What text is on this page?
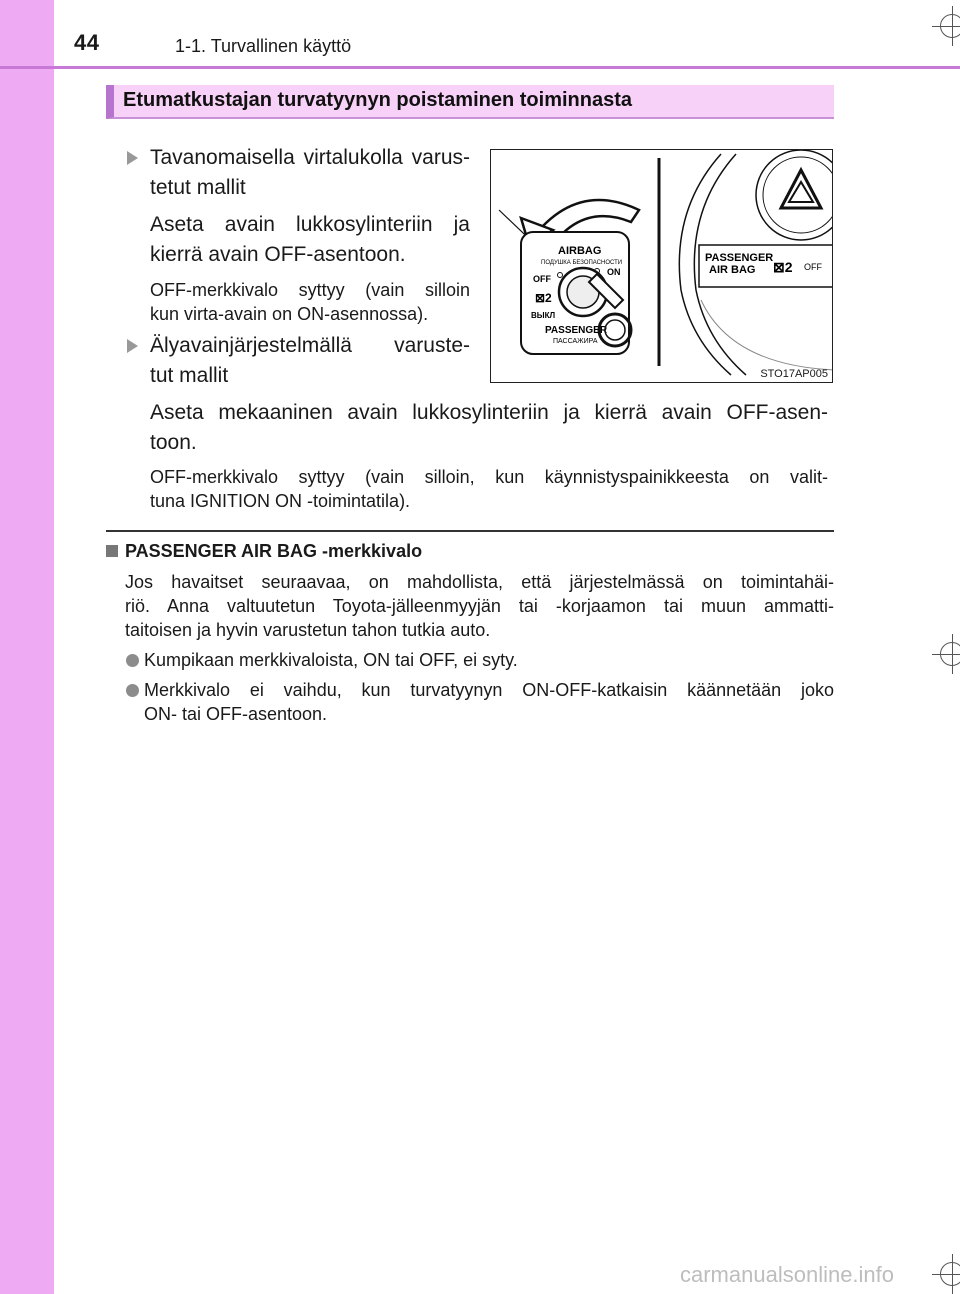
44	1-1. Turvallinen käyttö
Etumatkustajan turvatyynyn poistaminen toiminnasta
Tavanomaisella virtalukolla varus-
tetut mallit
Aseta avain lukkosylinteriin ja
kierrä avain OFF-asentoon.
OFF-merkkivalo syttyy (vain silloin
kun virta-avain on ON-asennossa).
Älyavainjärjestelmällä varuste-
tut mallit
Aseta mekaaninen avain lukkosylinteriin ja kierrä avain OFF-asen-
toon.
OFF-merkkivalo syttyy (vain silloin, kun käynnistyspainikkeesta on valit-
tuna IGNITION ON -toimintatila).
AIRBAG
ПОДУШКА БЕЗОПАСНОСТИ
OFF
ON
ВЫКЛ
PASSENGER
ПАССАЖИРА
⊠2
PASSENGER
AIR BAG ⊠2 OFF
STO17AP005
PASSENGER AIR BAG -merkkivalo
Jos havaitset seuraavaa, on mahdollista, että järjestelmässä on toimintahäi-
riö. Anna valtuutetun Toyota-jälleenmyyjän tai -korjaamon tai muun ammatti-
taitoisen ja hyvin varustetun tahon tutkia auto.
Kumpikaan merkkivaloista, ON tai OFF, ei syty.
Merkkivalo ei vaihdu, kun turvatyynyn ON-OFF-katkaisin käännetään joko
ON- tai OFF-asentoon.
carmanualsonline.info
